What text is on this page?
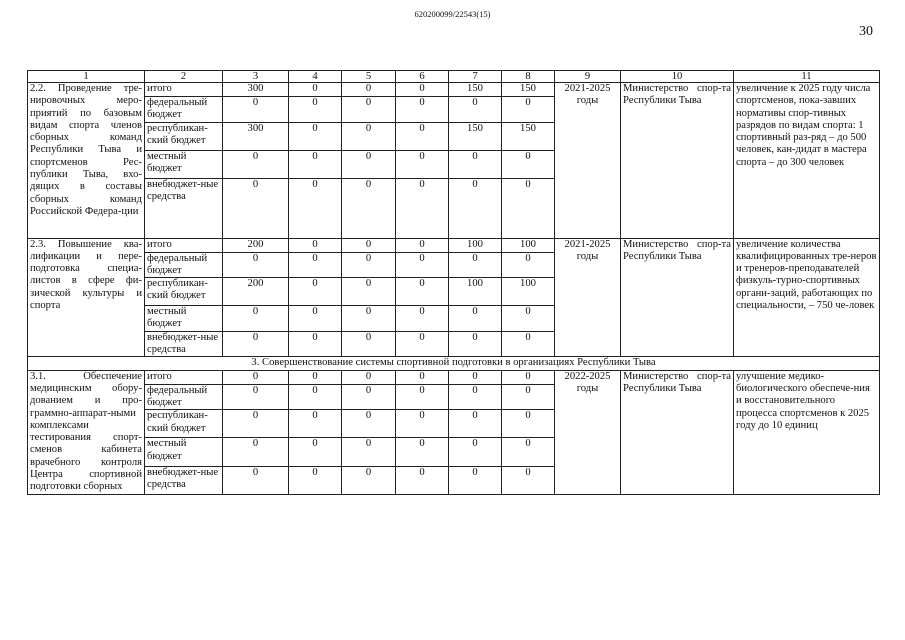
620200099/22543(15)
30
1	2	3	4	5	6	7	8	9	10	11
2.2. Проведение тре-нировочных меро-приятий по базовым видам спорта членов сборных команд Республики Тыва и спортсменов Рес-публики Тыва, вхо-дящих в составы сборных команд Российской Федера-ции	итого	300	0	0	0	150	150	2021-2025 годы	Министерство спор-та Республики Тыва	увеличение к 2025 году числа спортсменов, пока-завших нормативы спор-тивных разрядов по видам спорта: 1 спортивный раз-ряд – до 500 человек, кан-дидат в мастера спорта – до 300 человек
	федеральный бюджет	0	0	0	0	0	0			
	республикан-ский бюджет	300	0	0	0	150	150			
	местный бюджет	0	0	0	0	0	0			
	внебюджет-ные средства	0	0	0	0	0	0			
2.3. Повышение ква-лификации и пере-подготовка специа-листов в сфере фи-зической культуры и спорта	итого	200	0	0	0	100	100	2021-2025 годы	Министерство спор-та Республики Тыва	увеличение количества квалифицированных тре-неров и тренеров-преподавателей физкуль-турно-спортивных органи-заций, работающих по специальности, – 750 че-ловек
	федеральный бюджет	0	0	0	0	0	0			
	республикан-ский бюджет	200	0	0	0	100	100			
	местный бюджет	0	0	0	0	0	0			
	внебюджет-ные средства	0	0	0	0	0	0			
3. Совершенствование системы спортивной подготовки в организациях Республики Тыва										
3.1. Обеспечение медицинским обору-дованием и про-граммно-аппарат-ными комплексами тестирования спорт-сменов кабинета врачебного контроля Центра спортивной подготовки сборных	итого	0	0	0	0	0	0	2022-2025 годы	Министерство спор-та Республики Тыва	улучшение медико-биологического обеспече-ния и восстановительного процесса спортсменов к 2025 году до 10 единиц
	федеральный бюджет	0	0	0	0	0	0			
	республикан-ский бюджет	0	0	0	0	0	0			
	местный бюджет	0	0	0	0	0	0			
	внебюджет-ные средства	0	0	0	0	0	0			
